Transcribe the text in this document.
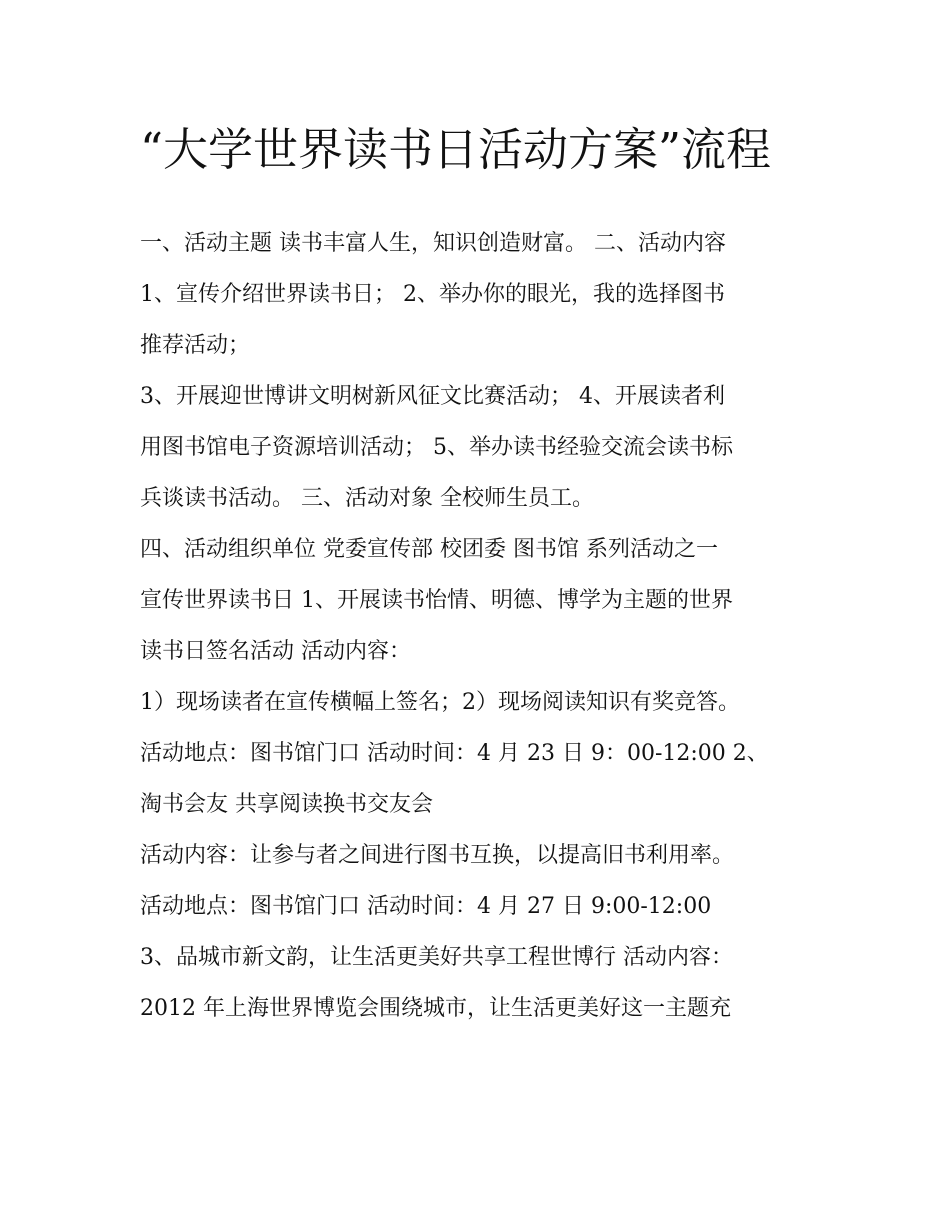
“大学世界读书日活动方案”流程

一、活动主题 读书丰富人生，知识创造财富。 二、活动内容

1、宣传介绍世界读书日； 2、举办你的眼光，我的选择图书

推荐活动；

3、开展迎世博讲文明树新风征文比赛活动； 4、开展读者利

用图书馆电子资源培训活动； 5、举办读书经验交流会读书标

兵谈读书活动。 三、活动对象 全校师生员工。

四、活动组织单位 党委宣传部 校团委 图书馆 系列活动之一

宣传世界读书日 1、开展读书怡情、明德、博学为主题的世界

读书日签名活动 活动内容：

1）现场读者在宣传横幅上签名；2）现场阅读知识有奖竞答。

活动地点：图书馆门口 活动时间：4 月 23 日 9：00-12:00 2、

淘书会友 共享阅读换书交友会

活动内容：让参与者之间进行图书互换，以提高旧书利用率。

活动地点：图书馆门口 活动时间：4 月 27 日 9:00-12:00

3、品城市新文韵，让生活更美好共享工程世博行 活动内容：

2012 年上海世界博览会围绕城市，让生活更美好这一主题充
